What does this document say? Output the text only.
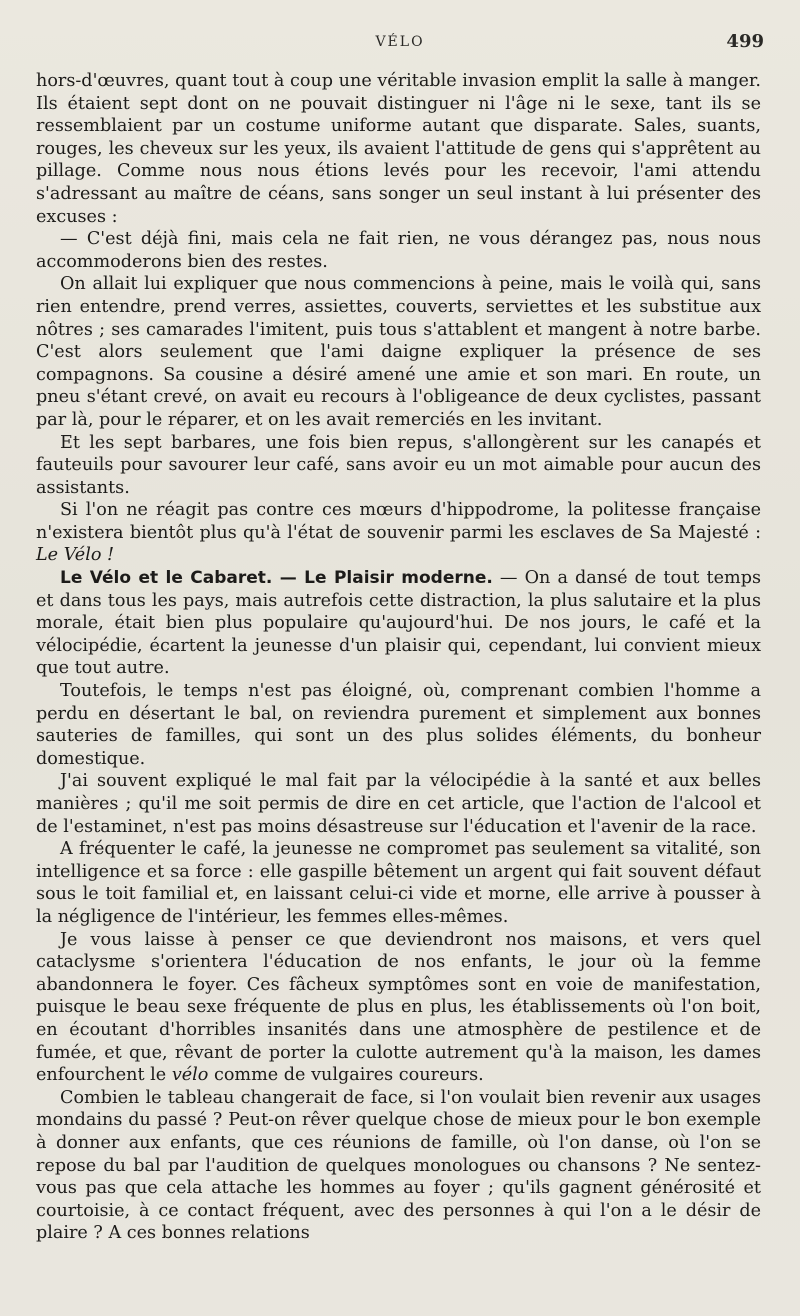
VÉLO	499

hors-d'œuvres, quant tout à coup une véritable invasion emplit la salle à manger. Ils étaient sept dont on ne pouvait distinguer ni l'âge ni le sexe, tant ils se ressemblaient par un costume uniforme autant que disparate. Sales, suants, rouges, les cheveux sur les yeux, ils avaient l'attitude de gens qui s'apprêtent au pillage. Comme nous nous étions levés pour les recevoir, l'ami attendu s'adressant au maître de céans, sans songer un seul instant à lui présenter des excuses :

— C'est déjà fini, mais cela ne fait rien, ne vous dérangez pas, nous nous accommoderons bien des restes.

On allait lui expliquer que nous commencions à peine, mais le voilà qui, sans rien entendre, prend verres, assiettes, couverts, serviettes et les substitue aux nôtres ; ses camarades l'imitent, puis tous s'attablent et mangent à notre barbe. C'est alors seulement que l'ami daigne expliquer la présence de ses compagnons. Sa cousine a désiré amené une amie et son mari. En route, un pneu s'étant crevé, on avait eu recours à l'obligeance de deux cyclistes, passant par là, pour le réparer, et on les avait remerciés en les invitant.

Et les sept barbares, une fois bien repus, s'allongèrent sur les canapés et fauteuils pour savourer leur café, sans avoir eu un mot aimable pour aucun des assistants.

Si l'on ne réagit pas contre ces mœurs d'hippodrome, la politesse française n'existera bientôt plus qu'à l'état de souvenir parmi les esclaves de Sa Majesté : Le Vélo !

Le Vélo et le Cabaret. — Le Plaisir moderne. — On a dansé de tout temps et dans tous les pays, mais autrefois cette distraction, la plus salutaire et la plus morale, était bien plus populaire qu'aujourd'hui. De nos jours, le café et la vélocipédie, écartent la jeunesse d'un plaisir qui, cependant, lui convient mieux que tout autre.

Toutefois, le temps n'est pas éloigné, où, comprenant combien l'homme a perdu en désertant le bal, on reviendra purement et simplement aux bonnes sauteries de familles, qui sont un des plus solides éléments, du bonheur domestique.

J'ai souvent expliqué le mal fait par la vélocipédie à la santé et aux belles manières ; qu'il me soit permis de dire en cet article, que l'action de l'alcool et de l'estaminet, n'est pas moins désastreuse sur l'éducation et l'avenir de la race.

A fréquenter le café, la jeunesse ne compromet pas seulement sa vitalité, son intelligence et sa force : elle gaspille bêtement un argent qui fait souvent défaut sous le toit familial et, en laissant celui-ci vide et morne, elle arrive à pousser à la négligence de l'intérieur, les femmes elles-mêmes.

Je vous laisse à penser ce que deviendront nos maisons, et vers quel cataclysme s'orientera l'éducation de nos enfants, le jour où la femme abandonnera le foyer. Ces fâcheux symptômes sont en voie de manifestation, puisque le beau sexe fréquente de plus en plus, les établissements où l'on boit, en écoutant d'horribles insanités dans une atmosphère de pestilence et de fumée, et que, rêvant de porter la culotte autrement qu'à la maison, les dames enfourchent le vélo comme de vulgaires coureurs.

Combien le tableau changerait de face, si l'on voulait bien revenir aux usages mondains du passé ? Peut-on rêver quelque chose de mieux pour le bon exemple à donner aux enfants, que ces réunions de famille, où l'on danse, où l'on se repose du bal par l'audition de quelques monologues ou chansons ? Ne sentez-vous pas que cela attache les hommes au foyer ; qu'ils gagnent générosité et courtoisie, à ce contact fréquent, avec des personnes à qui l'on a le désir de plaire ? A ces bonnes relations
